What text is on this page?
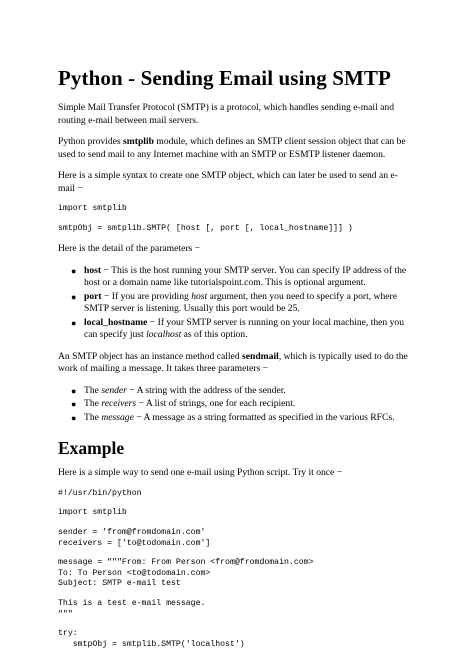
Python - Sending Email using SMTP

Simple Mail Transfer Protocol (SMTP) is a protocol, which handles sending e-mail and routing e-mail between mail servers.

Python provides smtplib module, which defines an SMTP client session object that can be used to send mail to any Internet machine with an SMTP or ESMTP listener daemon.

Here is a simple syntax to create one SMTP object, which can later be used to send an e-mail −

import smtplib
smtpObj = smtplib.SMTP( [host [, port [, local_hostname]]] )

Here is the detail of the parameters −

● host − This is the host running your SMTP server. You can specify IP address of the host or a domain name like tutorialspoint.com. This is optional argument.
● port − If you are providing host argument, then you need to specify a port, where SMTP server is listening. Usually this port would be 25.
● local_hostname − If your SMTP server is running on your local machine, then you can specify just localhost as of this option.

An SMTP object has an instance method called sendmail, which is typically used to do the work of mailing a message. It takes three parameters −

● The sender − A string with the address of the sender.
● The receivers − A list of strings, one for each recipient.
● The message − A message as a string formatted as specified in the various RFCs.
Example

Here is a simple way to send one e-mail using Python script. Try it once −

#!/usr/bin/python
import smtplib
sender = 'from@fromdomain.com'
receivers = ['to@todomain.com']
message = """From: From Person <from@fromdomain.com>
To: To Person <to@todomain.com>
Subject: SMTP e-mail test
This is a test e-mail message.
"""
try:
smtpObj = smtplib.SMTP('localhost')
